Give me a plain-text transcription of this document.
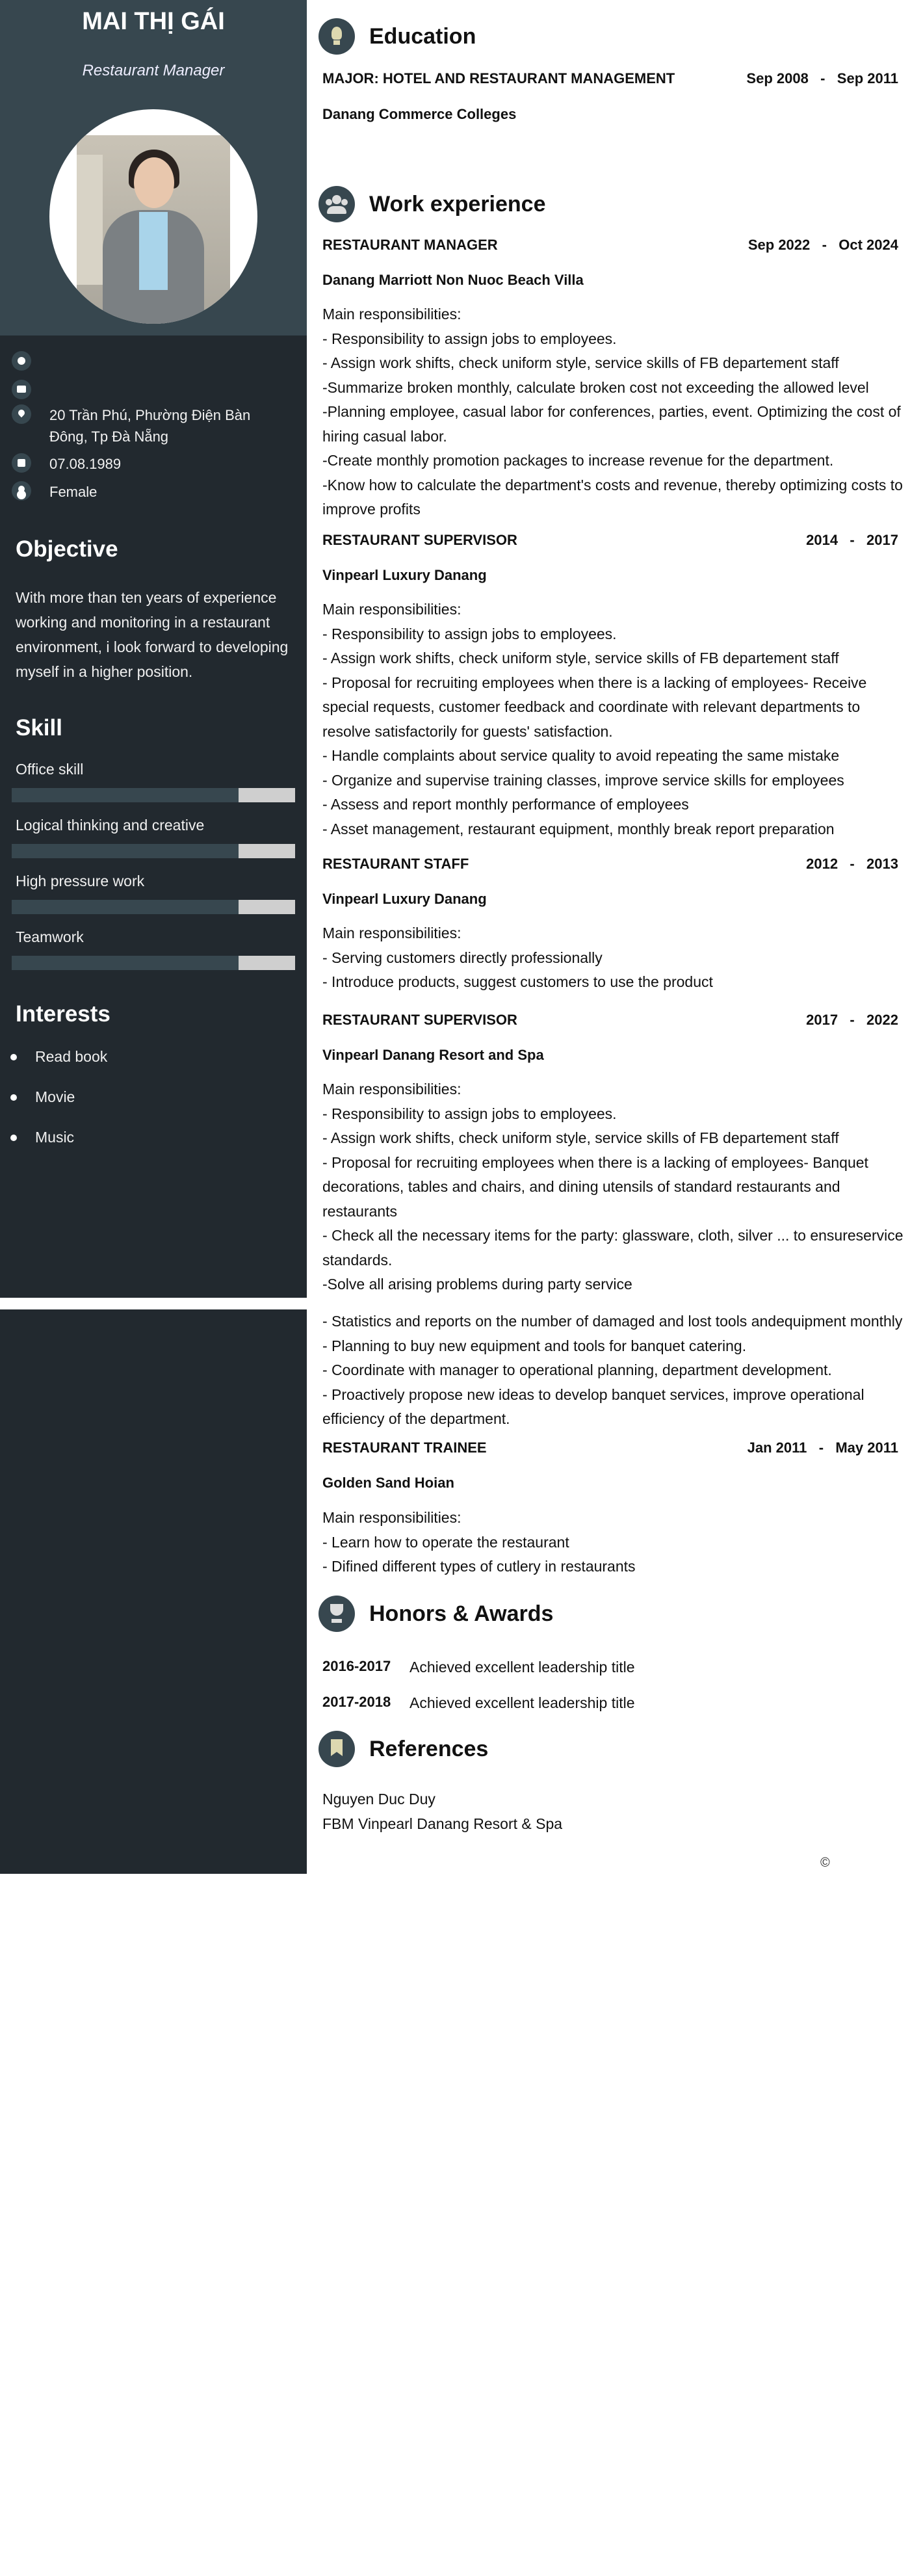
MAI THỊ GÁI
Restaurant Manager
20 Trần Phú, Phường Điện Bàn Đông, Tp Đà Nẵng
07.08.1989
Female
Objective
With more than ten years of experience working and monitoring in a restaurant environment, i look forward to developing myself in a higher position.
Skill
Office skill
Logical thinking and creative
High pressure work
Teamwork
Interests
Read book
Movie
Music
Education
MAJOR: HOTEL AND RESTAURANT MANAGEMENT	Sep 2008   -   Sep 2011
Danang Commerce Colleges
Work experience
RESTAURANT MANAGER	Sep 2022   -   Oct 2024
Danang Marriott Non Nuoc Beach Villa

Main responsibilities:

- Responsibility to assign jobs to employees.

- Assign work shifts, check uniform style, service skills of FB departement staff

-Summarize broken monthly, calculate broken cost not exceeding the allowed level

-Planning employee, casual labor for conferences, parties, event. Optimizing the cost of hiring casual labor.

-Create monthly promotion packages to increase revenue for the department.

-Know how to calculate the department's costs and revenue, thereby optimizing costs to improve profits

RESTAURANT SUPERVISOR	2014   -   2017
Vinpearl Luxury Danang

Main responsibilities:

- Responsibility to assign jobs to employees.

- Assign work shifts, check uniform style, service skills of FB departement staff

- Proposal for recruiting employees when there is a lacking of employees- Receive special requests, customer feedback and coordinate with relevant departments to resolve satisfactorily for guests' satisfaction.

- Handle complaints about service quality to avoid repeating the same mistake

- Organize and supervise training classes, improve service skills for employees

- Assess and report monthly performance of employees

- Asset management, restaurant equipment, monthly break report preparation

RESTAURANT STAFF	2012   -   2013
Vinpearl Luxury Danang

Main responsibilities:

- Serving customers directly professionally

- Introduce products, suggest customers to use the product

RESTAURANT SUPERVISOR	2017   -   2022
Vinpearl Danang Resort and Spa

Main responsibilities:

- Responsibility to assign jobs to employees.

- Assign work shifts, check uniform style, service skills of FB departement staff

- Proposal for recruiting employees when there is a lacking of employees- Banquet decorations, tables and chairs, and dining utensils of standard restaurants and restaurants

- Check all the necessary items for the party: glassware, cloth, silver ... to ensureservice standards.

-Solve all arising problems during party service

- Statistics and reports on the number of damaged and lost tools andequipment monthly

- Planning to buy new equipment and tools for banquet catering.

- Coordinate with manager to operational planning, department development.

- Proactively propose new ideas to develop banquet services, improve operational efficiency of the department.

RESTAURANT TRAINEE	Jan 2011   -   May 2011
Golden Sand Hoian

Main responsibilities:

- Learn how to operate the restaurant

- Difined different types of cutlery in restaurants

Honors & Awards
2016-2017 Achieved excellent leadership title
2017-2018 Achieved excellent leadership title
References
Nguyen Duc Duy
FBM Vinpearl Danang Resort & Spa
©
